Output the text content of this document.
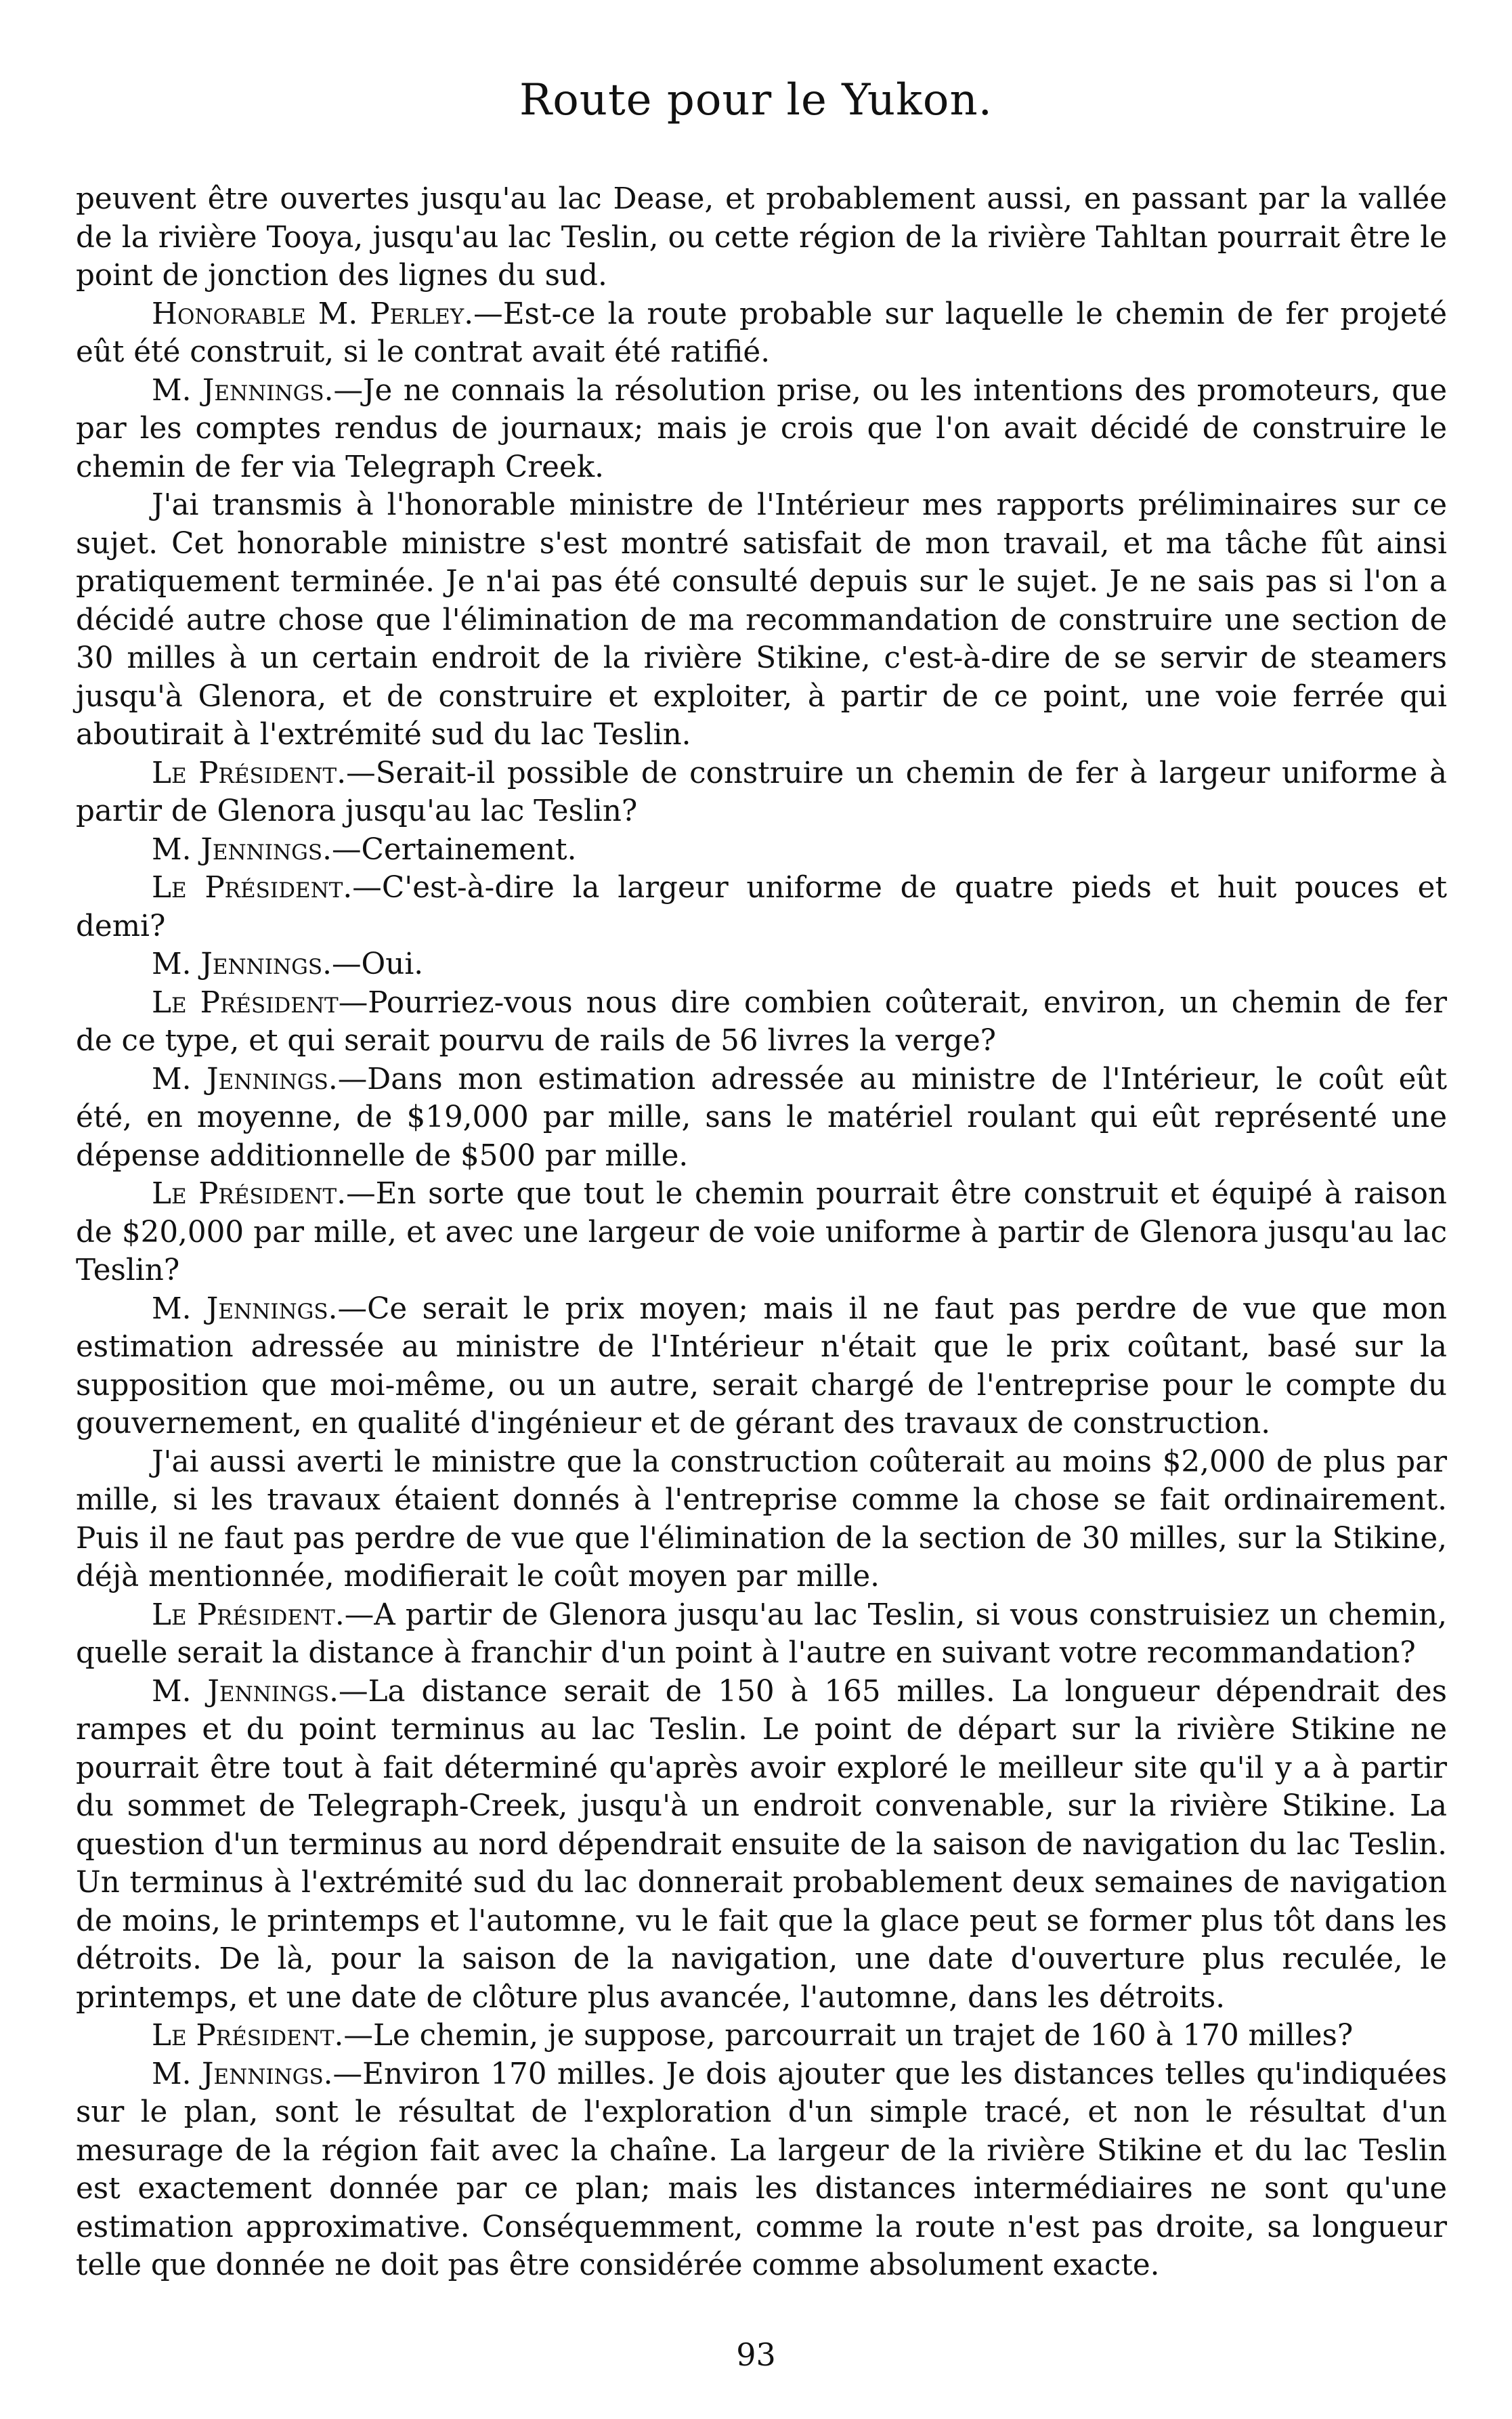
Route pour le Yukon.

peuvent être ouvertes jusqu'au lac Dease, et probablement aussi, en passant par la vallée de la rivière Tooya, jusqu'au lac Teslin, ou cette région de la rivière Tahltan pourrait être le point de jonction des lignes du sud.

Honorable M. Perley.—Est-ce la route probable sur laquelle le chemin de fer projeté eût été construit, si le contrat avait été ratifié.

M. Jennings.—Je ne connais la résolution prise, ou les intentions des promoteurs, que par les comptes rendus de journaux; mais je crois que l'on avait décidé de construire le chemin de fer via Telegraph Creek.

J'ai transmis à l'honorable ministre de l'Intérieur mes rapports préliminaires sur ce sujet. Cet honorable ministre s'est montré satisfait de mon travail, et ma tâche fût ainsi pratiquement terminée. Je n'ai pas été consulté depuis sur le sujet. Je ne sais pas si l'on a décidé autre chose que l'élimination de ma recommandation de construire une section de 30 milles à un certain endroit de la rivière Stikine, c'est-à-dire de se servir de steamers jusqu'à Glenora, et de construire et exploiter, à partir de ce point, une voie ferrée qui aboutirait à l'extrémité sud du lac Teslin.

Le Président.—Serait-il possible de construire un chemin de fer à largeur uniforme à partir de Glenora jusqu'au lac Teslin?

M. Jennings.—Certainement.

Le Président.—C'est-à-dire la largeur uniforme de quatre pieds et huit pouces et demi?

M. Jennings.—Oui.

Le Président—Pourriez-vous nous dire combien coûterait, environ, un chemin de fer de ce type, et qui serait pourvu de rails de 56 livres la verge?

M. Jennings.—Dans mon estimation adressée au ministre de l'Intérieur, le coût eût été, en moyenne, de $19,000 par mille, sans le matériel roulant qui eût représenté une dépense additionnelle de $500 par mille.

Le Président.—En sorte que tout le chemin pourrait être construit et équipé à raison de $20,000 par mille, et avec une largeur de voie uniforme à partir de Glenora jusqu'au lac Teslin?

M. Jennings.—Ce serait le prix moyen; mais il ne faut pas perdre de vue que mon estimation adressée au ministre de l'Intérieur n'était que le prix coûtant, basé sur la supposition que moi-même, ou un autre, serait chargé de l'entreprise pour le compte du gouvernement, en qualité d'ingénieur et de gérant des travaux de construction.

J'ai aussi averti le ministre que la construction coûterait au moins $2,000 de plus par mille, si les travaux étaient donnés à l'entreprise comme la chose se fait ordinairement. Puis il ne faut pas perdre de vue que l'élimination de la section de 30 milles, sur la Stikine, déjà mentionnée, modifierait le coût moyen par mille.

Le Président.—A partir de Glenora jusqu'au lac Teslin, si vous construisiez un chemin, quelle serait la distance à franchir d'un point à l'autre en suivant votre recommandation?

M. Jennings.—La distance serait de 150 à 165 milles. La longueur dépendrait des rampes et du point terminus au lac Teslin. Le point de départ sur la rivière Stikine ne pourrait être tout à fait déterminé qu'après avoir exploré le meilleur site qu'il y a à partir du sommet de Telegraph-Creek, jusqu'à un endroit convenable, sur la rivière Stikine. La question d'un terminus au nord dépendrait ensuite de la saison de navigation du lac Teslin. Un terminus à l'extrémité sud du lac donnerait probablement deux semaines de navigation de moins, le printemps et l'automne, vu le fait que la glace peut se former plus tôt dans les détroits. De là, pour la saison de la navigation, une date d'ouverture plus reculée, le printemps, et une date de clôture plus avancée, l'automne, dans les détroits.

Le Président.—Le chemin, je suppose, parcourrait un trajet de 160 à 170 milles?

M. Jennings.—Environ 170 milles. Je dois ajouter que les distances telles qu'indiquées sur le plan, sont le résultat de l'exploration d'un simple tracé, et non le résultat d'un mesurage de la région fait avec la chaîne. La largeur de la rivière Stikine et du lac Teslin est exactement donnée par ce plan; mais les distances intermédiaires ne sont qu'une estimation approximative. Conséquemment, comme la route n'est pas droite, sa longueur telle que donnée ne doit pas être considérée comme absolument exacte.

93
